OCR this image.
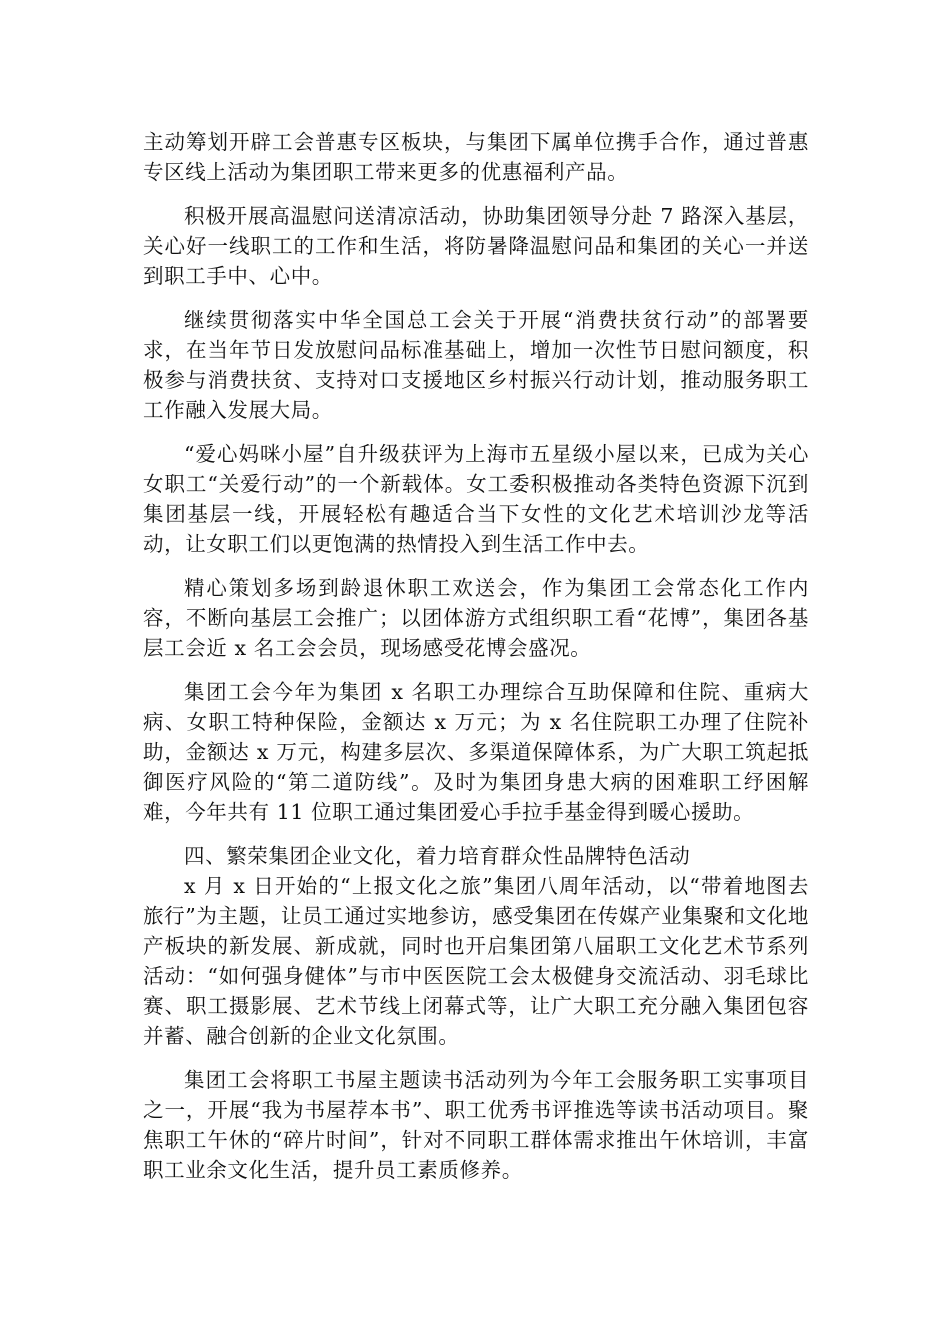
主动筹划开辟工会普惠专区板块，与集团下属单位携手合作，通过普惠专区线上活动为集团职工带来更多的优惠福利产品。

积极开展高温慰问送清凉活动，协助集团领导分赴 7 路深入基层，关心好一线职工的工作和生活，将防暑降温慰问品和集团的关心一并送到职工手中、心中。

继续贯彻落实中华全国总工会关于开展“消费扶贫行动”的部署要求，在当年节日发放慰问品标准基础上，增加一次性节日慰问额度，积极参与消费扶贫、支持对口支援地区乡村振兴行动计划，推动服务职工工作融入发展大局。

“爱心妈咪小屋”自升级获评为上海市五星级小屋以来，已成为关心女职工“关爱行动”的一个新载体。女工委积极推动各类特色资源下沉到集团基层一线，开展轻松有趣适合当下女性的文化艺术培训沙龙等活动，让女职工们以更饱满的热情投入到生活工作中去。

精心策划多场到龄退休职工欢送会，作为集团工会常态化工作内容，不断向基层工会推广；以团体游方式组织职工看“花博”，集团各基层工会近 x 名工会会员，现场感受花博会盛况。

集团工会今年为集团 x 名职工办理综合互助保障和住院、重病大病、女职工特种保险，金额达 x 万元；为 x 名住院职工办理了住院补助，金额达 x 万元，构建多层次、多渠道保障体系，为广大职工筑起抵御医疗风险的“第二道防线”。及时为集团身患大病的困难职工纾困解难，今年共有 11 位职工通过集团爱心手拉手基金得到暖心援助。

四、繁荣集团企业文化，着力培育群众性品牌特色活动

x 月 x 日开始的“上报文化之旅”集团八周年活动，以“带着地图去旅行”为主题，让员工通过实地参访，感受集团在传媒产业集聚和文化地产板块的新发展、新成就，同时也开启集团第八届职工文化艺术节系列活动：“如何强身健体”与市中医医院工会太极健身交流活动、羽毛球比赛、职工摄影展、艺术节线上闭幕式等，让广大职工充分融入集团包容并蓄、融合创新的企业文化氛围。

集团工会将职工书屋主题读书活动列为今年工会服务职工实事项目之一，开展“我为书屋荐本书”、职工优秀书评推选等读书活动项目。聚焦职工午休的“碎片时间”，针对不同职工群体需求推出午休培训，丰富职工业余文化生活，提升员工素质修养。
